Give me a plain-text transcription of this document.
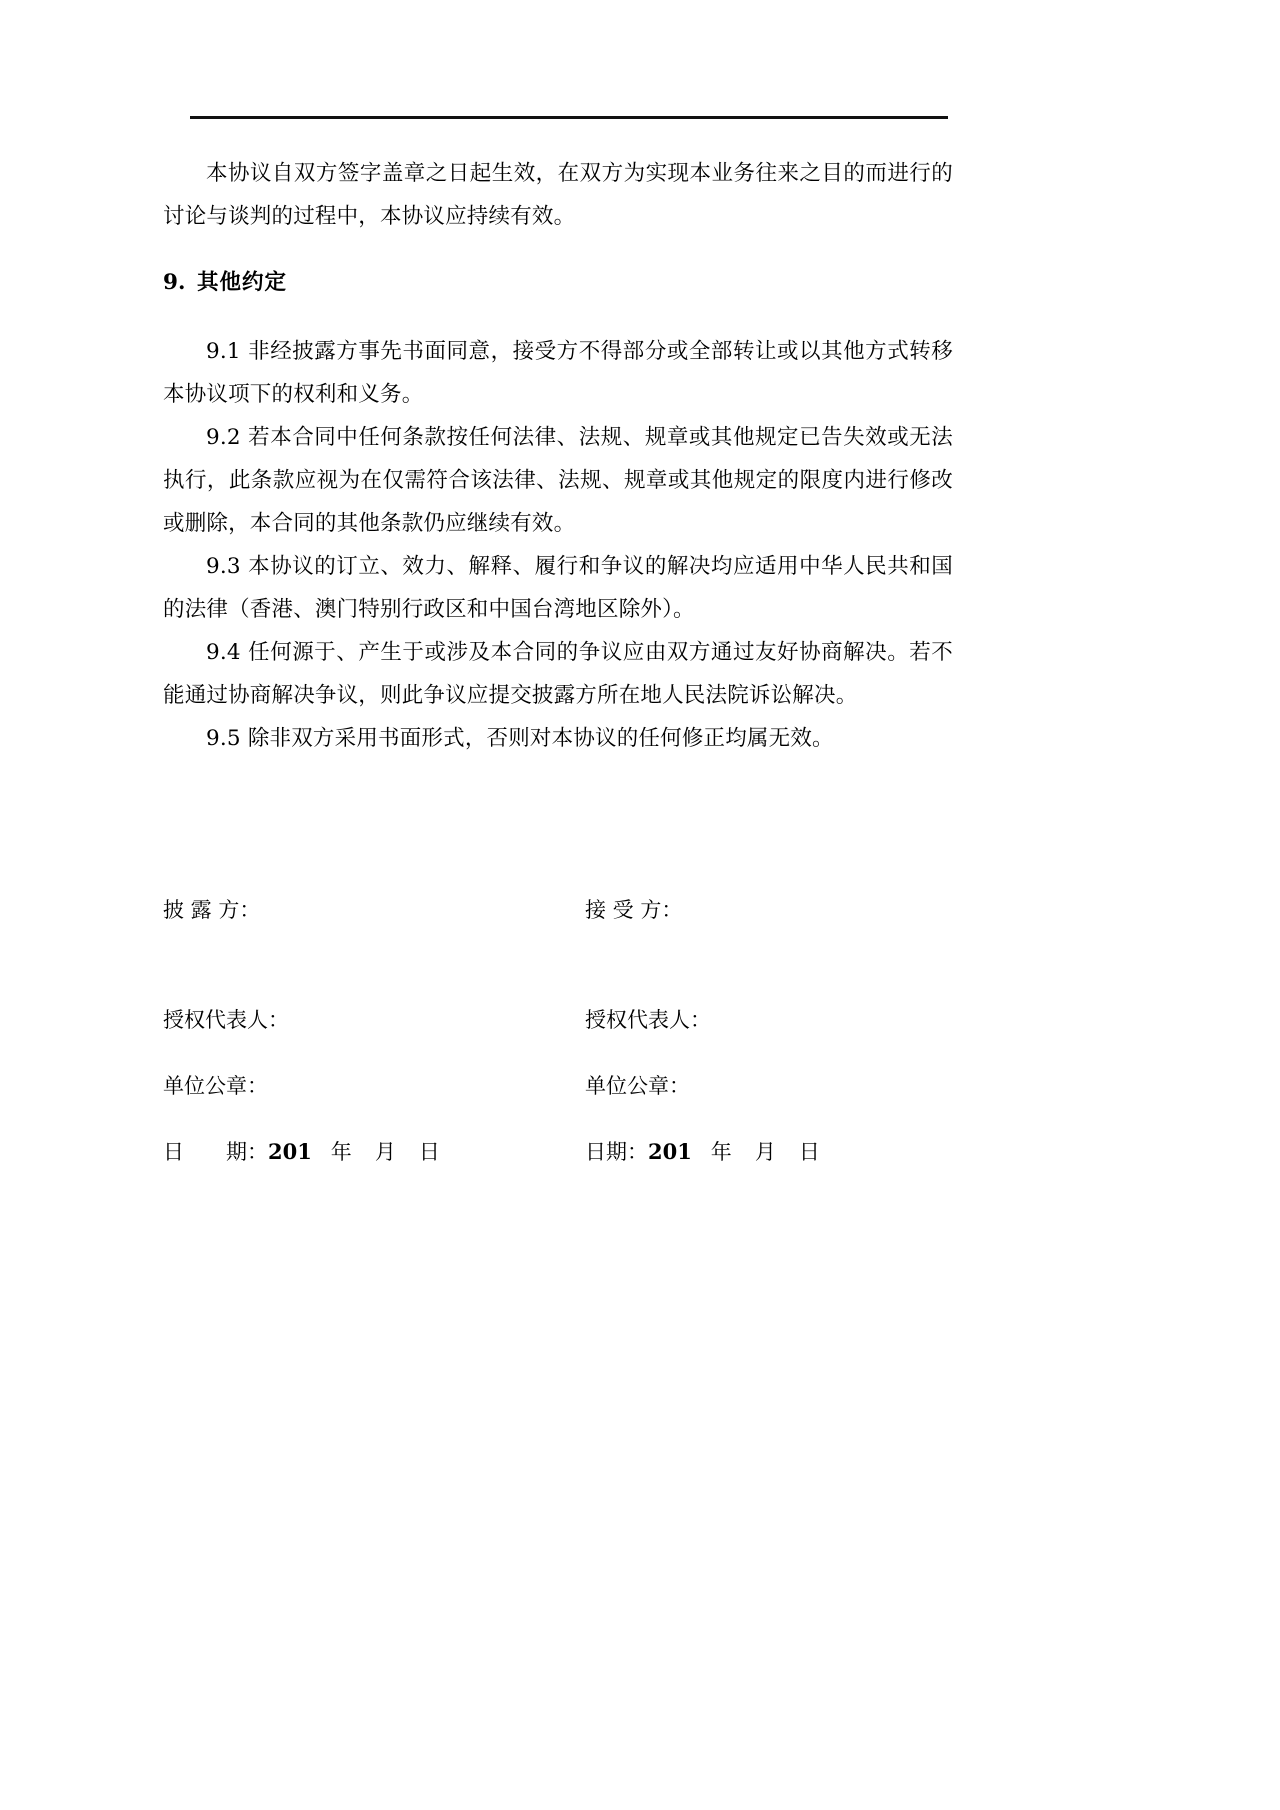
本协议自双方签字盖章之日起生效，在双方为实现本业务往来之目的而进行的讨论与谈判的过程中，本协议应持续有效。

9. 其他约定

9.1 非经披露方事先书面同意，接受方不得部分或全部转让或以其他方式转移本协议项下的权利和义务。

9.2 若本合同中任何条款按任何法律、法规、规章或其他规定已告失效或无法执行，此条款应视为在仅需符合该法律、法规、规章或其他规定的限度内进行修改或删除，本合同的其他条款仍应继续有效。

9.3 本协议的订立、效力、解释、履行和争议的解决均应适用中华人民共和国的法律（香港、澳门特别行政区和中国台湾地区除外）。

9.4 任何源于、产生于或涉及本合同的争议应由双方通过友好协商解决。若不能通过协商解决争议，则此争议应提交披露方所在地人民法院诉讼解决。

9.5 除非双方采用书面形式，否则对本协议的任何修正均属无效。

披 露 方：	接 受 方：
授权代表人：	授权代表人：
单位公章：	单位公章：
日 期：201 年 月 日	日期：201 年 月 日
